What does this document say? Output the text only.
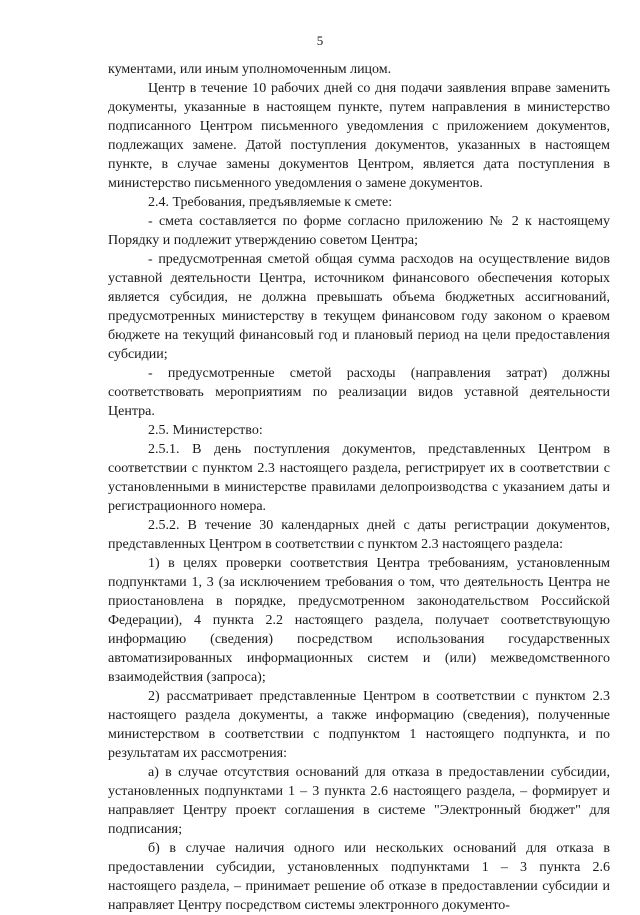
5

кументами, или иным уполномоченным лицом.

Центр в течение 10 рабочих дней со дня подачи заявления вправе заменить документы, указанные в настоящем пункте, путем направления в министерство подписанного Центром письменного уведомления с приложением документов, подлежащих замене. Датой поступления документов, указанных в настоящем пункте, в случае замены документов Центром, является дата поступления в министерство письменного уведомления о замене документов.

2.4. Требования, предъявляемые к смете:

- смета составляется по форме согласно приложению № 2 к настоящему Порядку и подлежит утверждению советом Центра;

- предусмотренная сметой общая сумма расходов на осуществление видов уставной деятельности Центра, источником финансового обеспечения которых является субсидия, не должна превышать объема бюджетных ассигнований, предусмотренных министерству в текущем финансовом году законом о краевом бюджете на текущий финансовый год и плановый период на цели предоставления субсидии;

- предусмотренные сметой расходы (направления затрат) должны соответствовать мероприятиям по реализации видов уставной деятельности Центра.

2.5. Министерство:

2.5.1. В день поступления документов, представленных Центром в соответствии с пунктом 2.3 настоящего раздела, регистрирует их в соответствии с установленными в министерстве правилами делопроизводства с указанием даты и регистрационного номера.

2.5.2. В течение 30 календарных дней с даты регистрации документов, представленных Центром в соответствии с пунктом 2.3 настоящего раздела:

1) в целях проверки соответствия Центра требованиям, установленным подпунктами 1, 3 (за исключением требования о том, что деятельность Центра не приостановлена в порядке, предусмотренном законодательством Российской Федерации), 4 пункта 2.2 настоящего раздела, получает соответствующую информацию (сведения) посредством использования государственных автоматизированных информационных систем и (или) межведомственного взаимодействия (запроса);

2) рассматривает представленные Центром в соответствии с пунктом 2.3 настоящего раздела документы, а также информацию (сведения), полученные министерством в соответствии с подпунктом 1 настоящего подпункта, и по результатам их рассмотрения:

а) в случае отсутствия оснований для отказа в предоставлении субсидии, установленных подпунктами 1 – 3 пункта 2.6 настоящего раздела, – формирует и направляет Центру проект соглашения в системе "Электронный бюджет" для подписания;

б) в случае наличия одного или нескольких оснований для отказа в предоставлении субсидии, установленных подпунктами 1 – 3 пункта 2.6 настоящего раздела, – принимает решение об отказе в предоставлении субсидии и направляет Центру посредством системы электронного документо-
